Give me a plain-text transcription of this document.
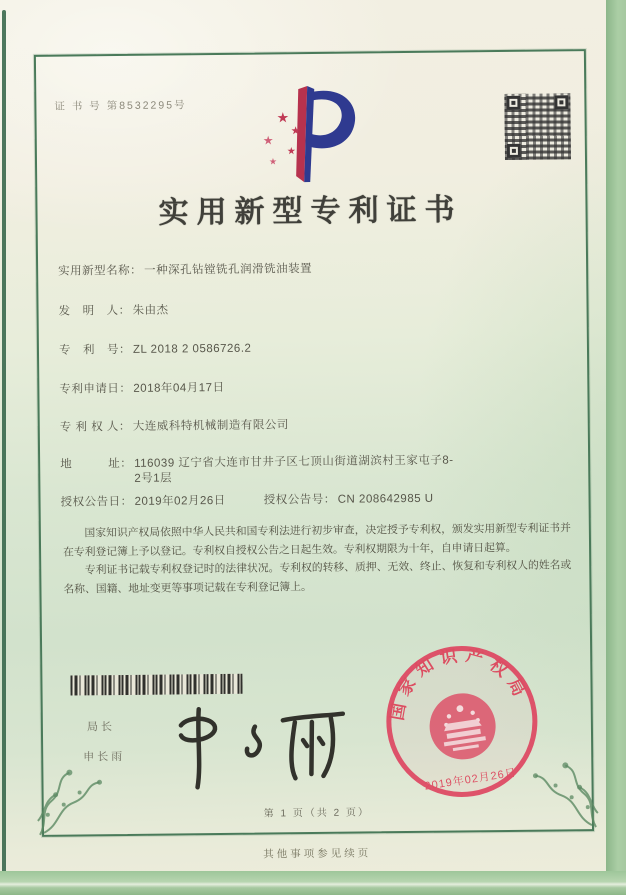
证 书 号 第8532295号
★
★
★
★
★
实用新型专利证书
实用新型名称： 一种深孔钻镗铣孔润滑铣油装置
发　明　人： 朱由杰
专　利　号： ZL 2018 2 0586726.2
专利申请日： 2018年04月17日
专 利 权 人： 大连威科特机械制造有限公司
地　　　址： 116039 辽宁省大连市甘井子区七顶山街道湖滨村王家屯子8-2号1层
授权公告日： 2019年02月26日	授权公告号： CN 208642985 U

国家知识产权局依照中华人民共和国专利法进行初步审查，决定授予专利权，颁发实用新型专利证书并在专利登记簿上予以登记。专利权自授权公告之日起生效。专利权期限为十年，自申请日起算。

专利证书记载专利权登记时的法律状况。专利权的转移、质押、无效、终止、恢复和专利权人的姓名或名称、国籍、地址变更等事项记载在专利登记簿上。

国家知识产权局
2019年02月26日
局长
申长雨
第 1 页（共 2 页）
其他事项参见续页
